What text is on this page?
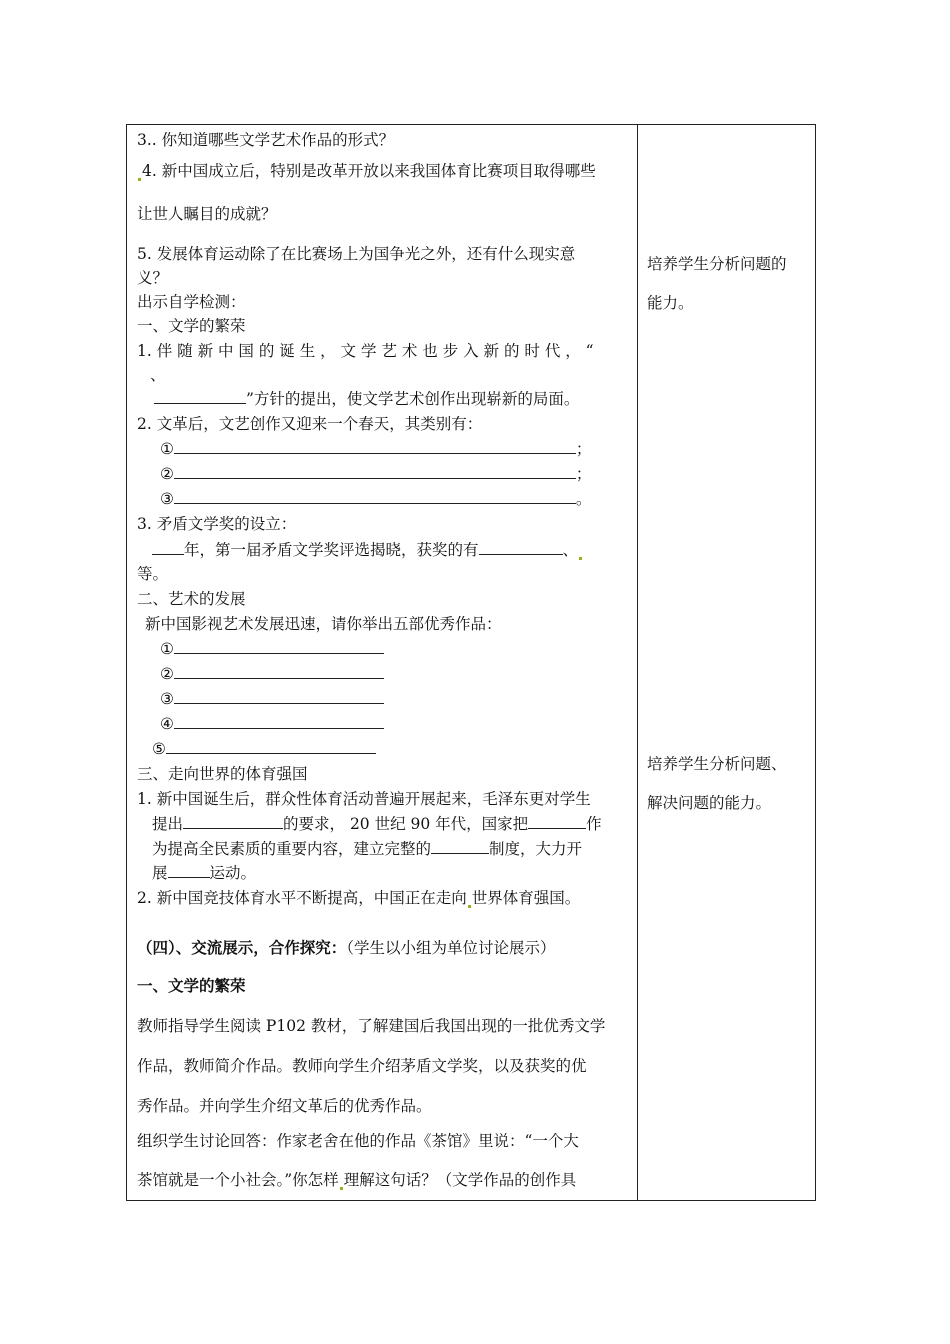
3.. 你知道哪些文学艺术作品的形式？
4. 新中国成立后，特别是改革开放以来我国体育比赛项目取得哪些
让世人瞩目的成就？
5. 发展体育运动除了在比赛场上为国争光之外，还有什么现实意
义？
出示自学检测：
一、文学的繁荣
1. 伴 随 新 中 国 的 诞 生 ， 文 学 艺 术 也 步 入 新 的 时 代 ， “
、
”方针的提出，使文学艺术创作出现崭新的局面。
2. 文革后，文艺创作又迎来一个春天，其类别有：
①	；
②	；
③	。
3. 矛盾文学奖的设立：
年，第一届矛盾文学奖评选揭晓，获奖的有	、
等。
二、艺术的发展
新中国影视艺术发展迅速，请你举出五部优秀作品：
①
②
③
④
⑤
三、走向世界的体育强国
1. 新中国诞生后，群众性体育活动普遍开展起来，毛泽东更对学生
提出	的要求， 20 世纪 90 年代，国家把	作
为提高全民素质的重要内容，建立完整的	制度，大力开
展	运动。
2. 新中国竞技体育水平不断提高，中国正在走向 世界体育强国。
（四）、交流展示，合作探究：（学生以小组为单位讨论展示）
一、文学的繁荣
教师指导学生阅读 P102 教材，了解建国后我国出现的一批优秀文学
作品，教师简介作品。教师向学生介绍茅盾文学奖，以及获奖的优
秀作品。并向学生介绍文革后的优秀作品。
组织学生讨论回答：作家老舍在他的作品《茶馆》里说：“一个大
茶馆就是一个小社会。”你怎样 理解这句话？（文学作品的创作具
培养学生分析问题的
能力。
培养学生分析问题、
解决问题的能力。
